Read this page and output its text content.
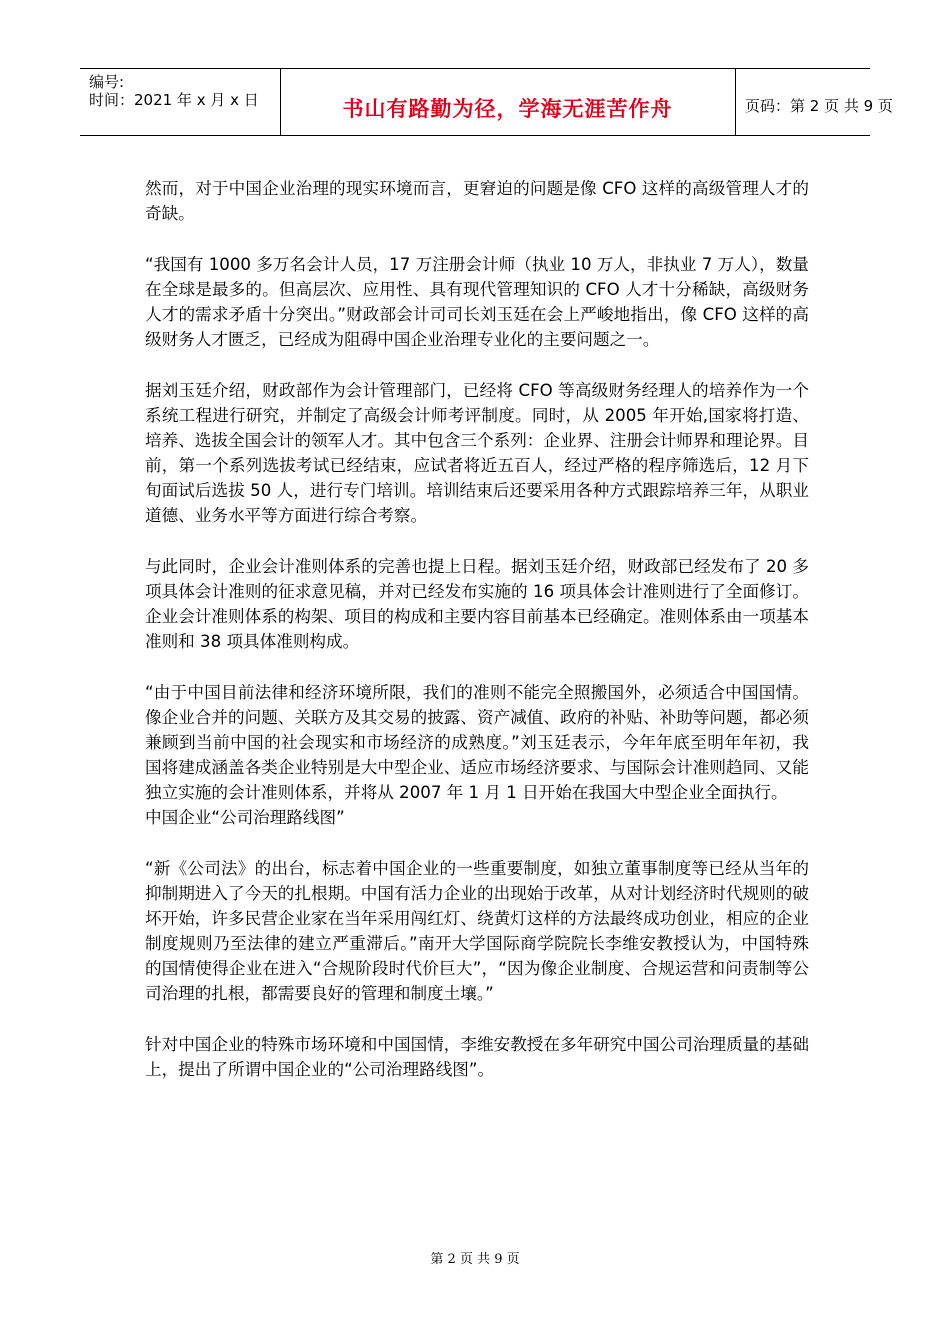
编号:
时间：2021 年 x 月 x 日	书山有路勤为径，学海无涯苦作舟	页码：第 2 页 共 9 页

然而，对于中国企业治理的现实环境而言，更窘迫的问题是像 CFO 这样的高级管理人才的奇缺。

“我国有 1000 多万名会计人员，17 万注册会计师（执业 10 万人，非执业 7 万人），数量在全球是最多的。但高层次、应用性、具有现代管理知识的 CFO 人才十分稀缺，高级财务人才的需求矛盾十分突出。”财政部会计司司长刘玉廷在会上严峻地指出，像 CFO 这样的高级财务人才匮乏，已经成为阻碍中国企业治理专业化的主要问题之一。

据刘玉廷介绍，财政部作为会计管理部门，已经将 CFO 等高级财务经理人的培养作为一个系统工程进行研究，并制定了高级会计师考评制度。同时，从 2005 年开始,国家将打造、培养、选拔全国会计的领军人才。其中包含三个系列：企业界、注册会计师界和理论界。目前，第一个系列选拔考试已经结束，应试者将近五百人，经过严格的程序筛选后，12 月下旬面试后选拔 50 人，进行专门培训。培训结束后还要采用各种方式跟踪培养三年，从职业道德、业务水平等方面进行综合考察。

与此同时，企业会计准则体系的完善也提上日程。据刘玉廷介绍，财政部已经发布了 20 多项具体会计准则的征求意见稿，并对已经发布实施的 16 项具体会计准则进行了全面修订。企业会计准则体系的构架、项目的构成和主要内容目前基本已经确定。准则体系由一项基本准则和 38 项具体准则构成。

“由于中国目前法律和经济环境所限，我们的准则不能完全照搬国外，必须适合中国国情。像企业合并的问题、关联方及其交易的披露、资产减值、政府的补贴、补助等问题，都必须兼顾到当前中国的社会现实和市场经济的成熟度。”刘玉廷表示，今年年底至明年年初，我国将建成涵盖各类企业特别是大中型企业、适应市场经济要求、与国际会计准则趋同、又能独立实施的会计准则体系，并将从 2007 年 1 月 1 日开始在我国大中型企业全面执行。

中国企业“公司治理路线图”

“新《公司法》的出台，标志着中国企业的一些重要制度，如独立董事制度等已经从当年的抑制期进入了今天的扎根期。中国有活力企业的出现始于改革，从对计划经济时代规则的破坏开始，许多民营企业家在当年采用闯红灯、绕黄灯这样的方法最终成功创业，相应的企业制度规则乃至法律的建立严重滞后。”南开大学国际商学院院长李维安教授认为，中国特殊的国情使得企业在进入“合规阶段时代价巨大”，“因为像企业制度、合规运营和问责制等公司治理的扎根，都需要良好的管理和制度土壤。”

针对中国企业的特殊市场环境和中国国情，李维安教授在多年研究中国公司治理质量的基础上，提出了所谓中国企业的“公司治理路线图”。

第 2 页 共 9 页
